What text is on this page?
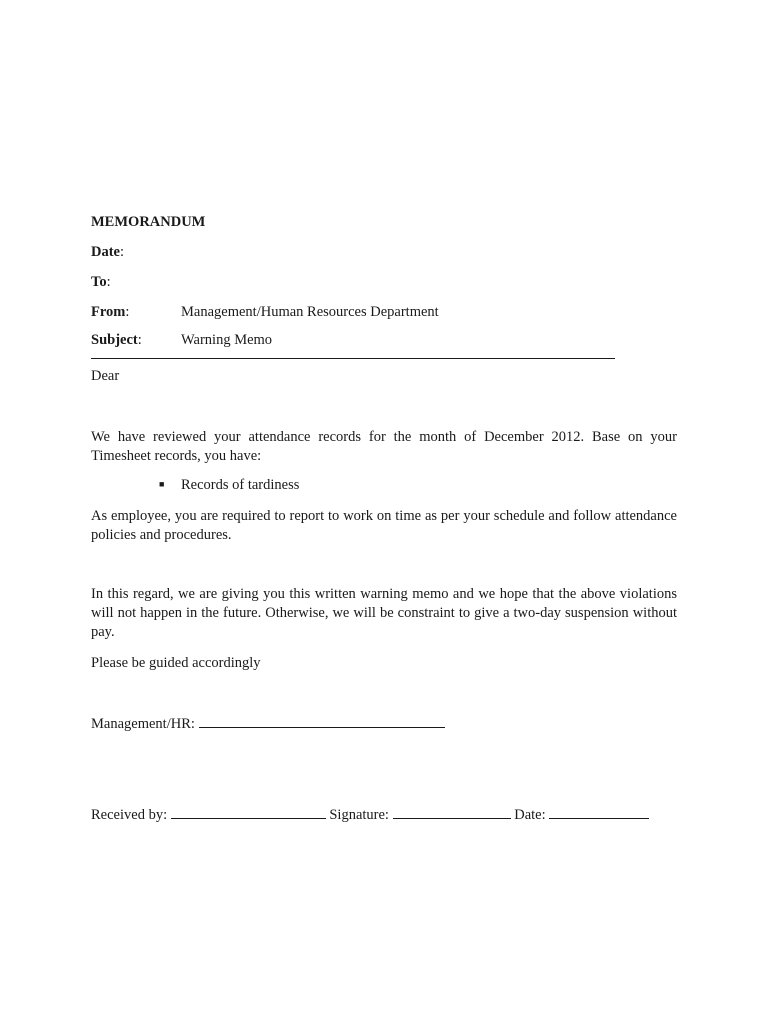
MEMORANDUM
Date:
To:
From:	Management/Human Resources Department
Subject:	Warning Memo
Dear

We have reviewed your attendance records for the month of December 2012. Base on your Timesheet records, you have:

■ Records of tardiness

As employee, you are required to report to work on time as per your schedule and follow attendance policies and procedures.

In this regard, we are giving you this written warning memo and we hope that the above violations will not happen in the future. Otherwise, we will be constraint to give a two-day suspension without pay.

Please be guided accordingly
Management/HR:
Received by:	Signature:	Date:
